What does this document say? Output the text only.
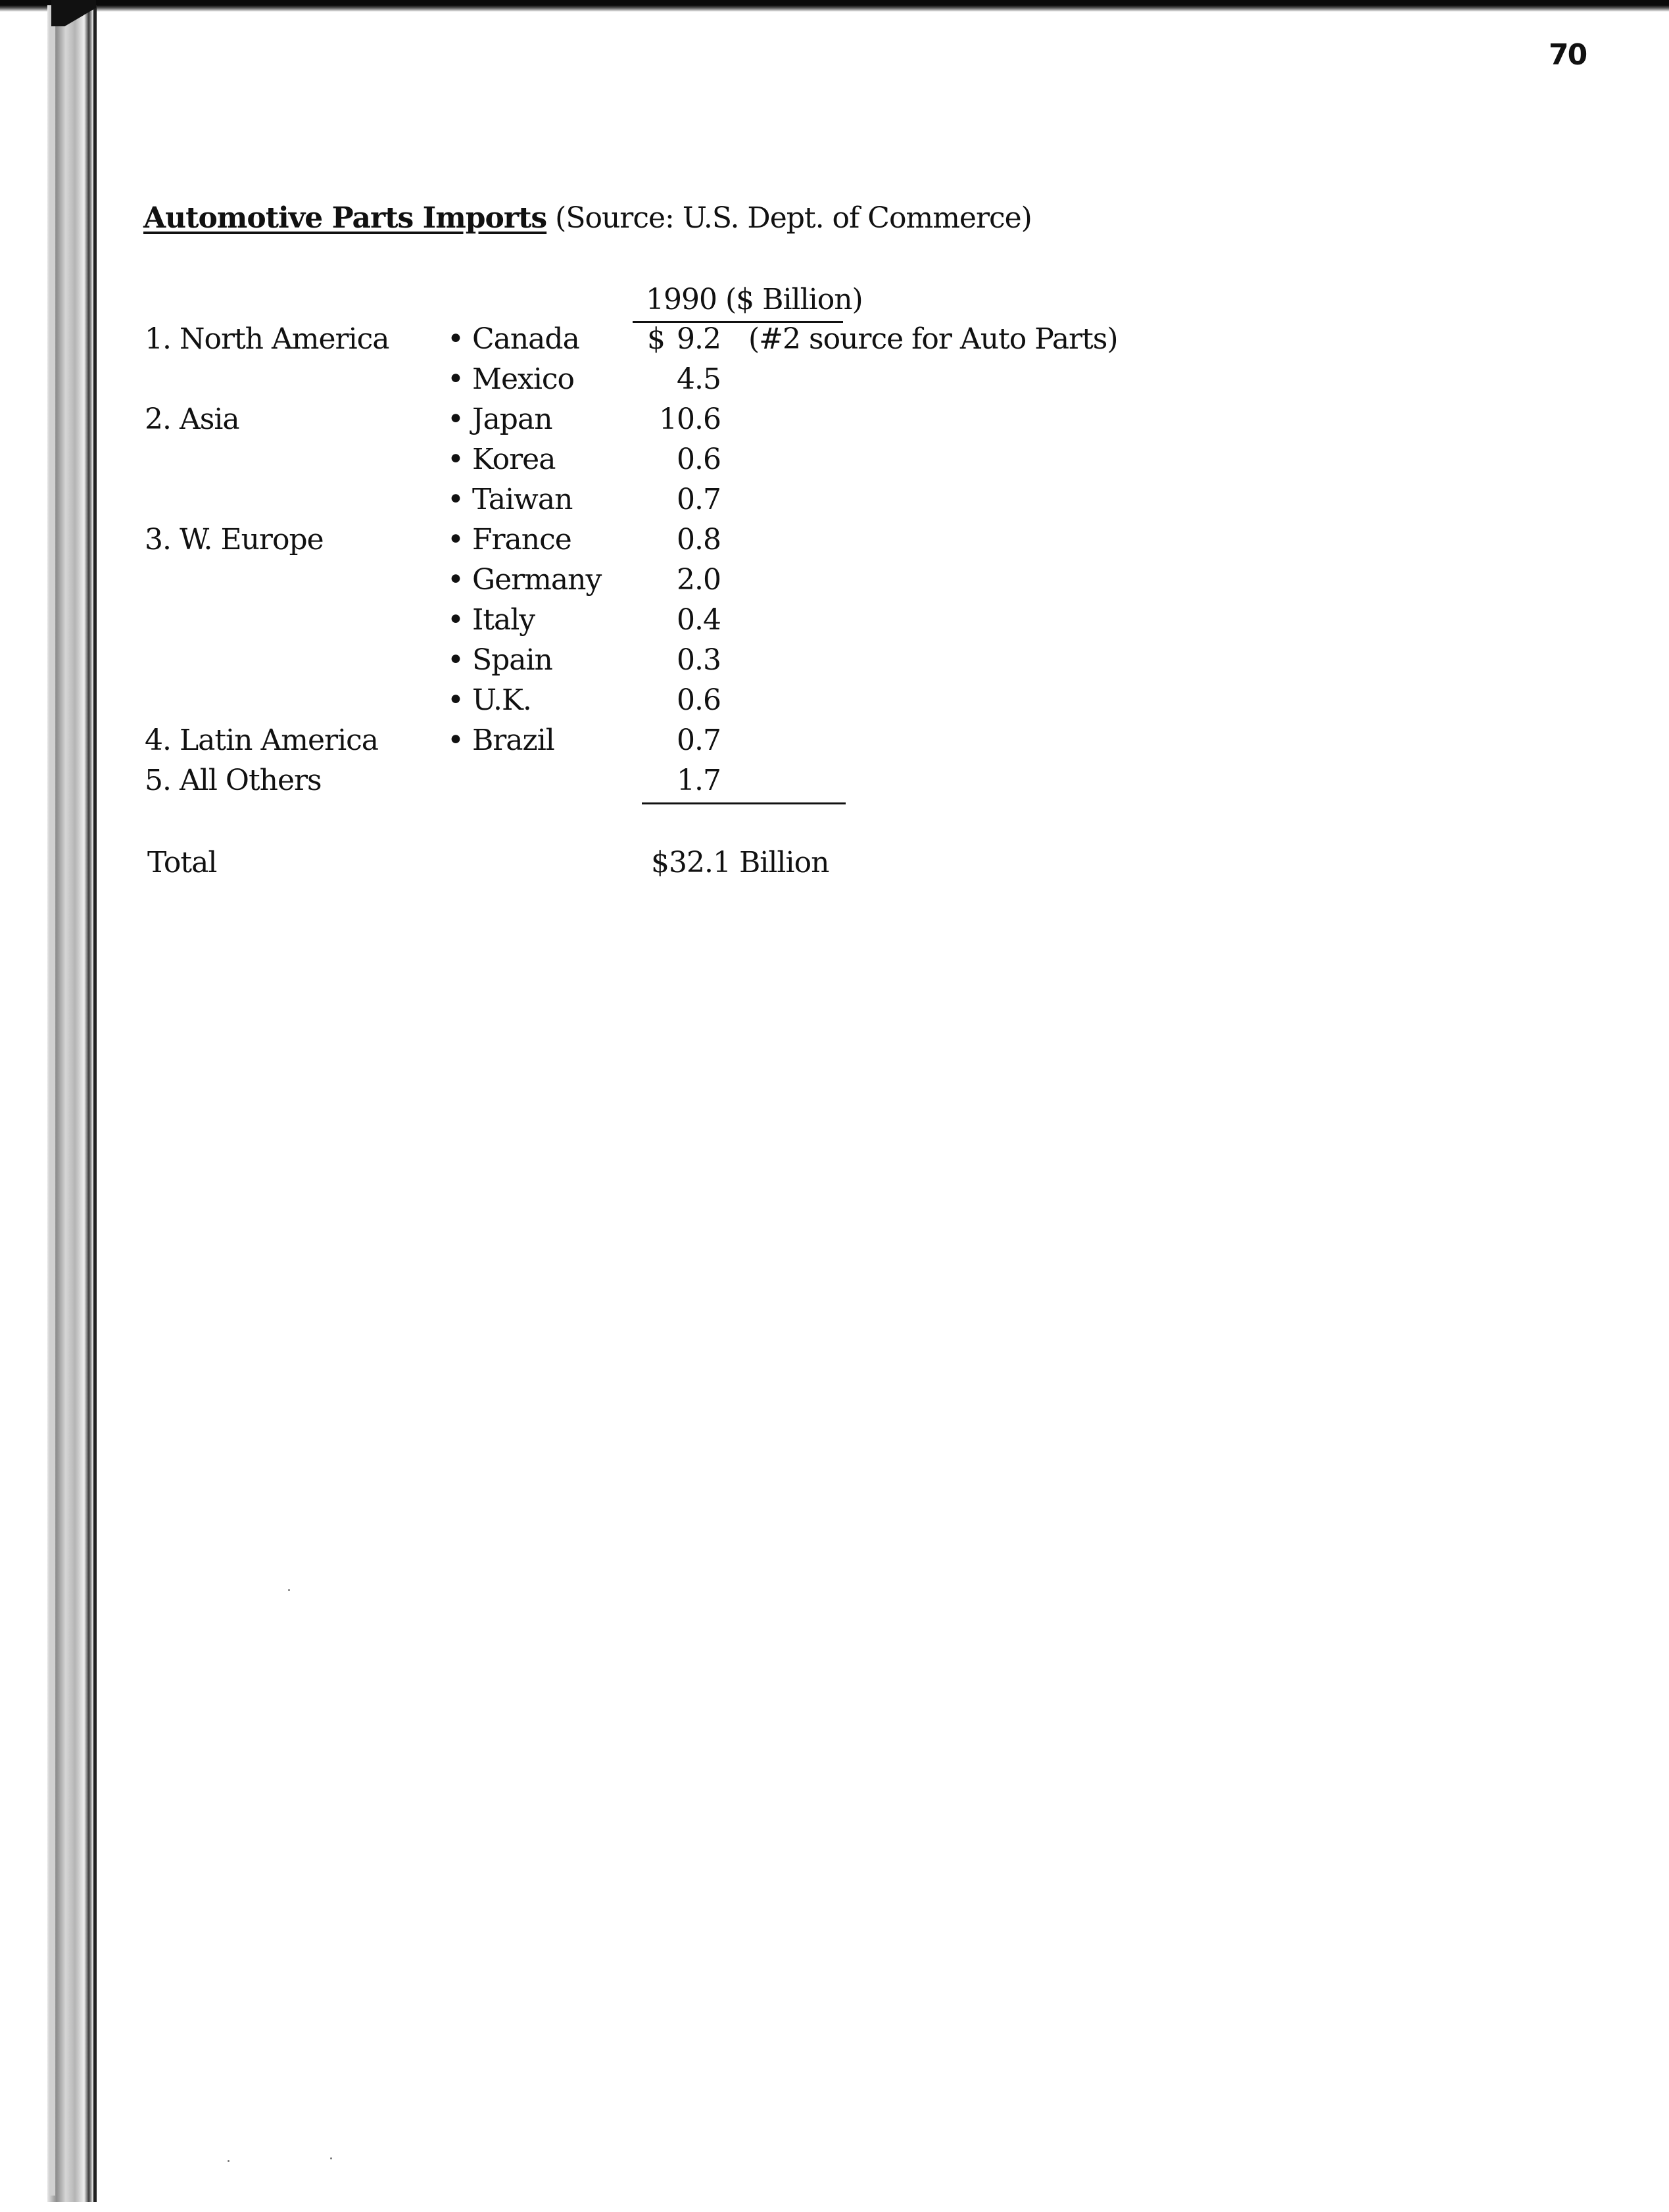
70
Automotive Parts Imports (Source: U.S. Dept. of Commerce)
1990 ($ Billion)
1. North America • Canada $ 9.2 (#2 source for Auto Parts)
• Mexico	4.5
2. Asia	• Japan	10.6
• Korea	0.6
• Taiwan	0.7
3. W. Europe	• France	0.8
• Germany	2.0
• Italy	0.4
• Spain	0.3
• U.K.	0.6
4. Latin America • Brazil	0.7
5. All Others	1.7
Total	$32.1 Billion
